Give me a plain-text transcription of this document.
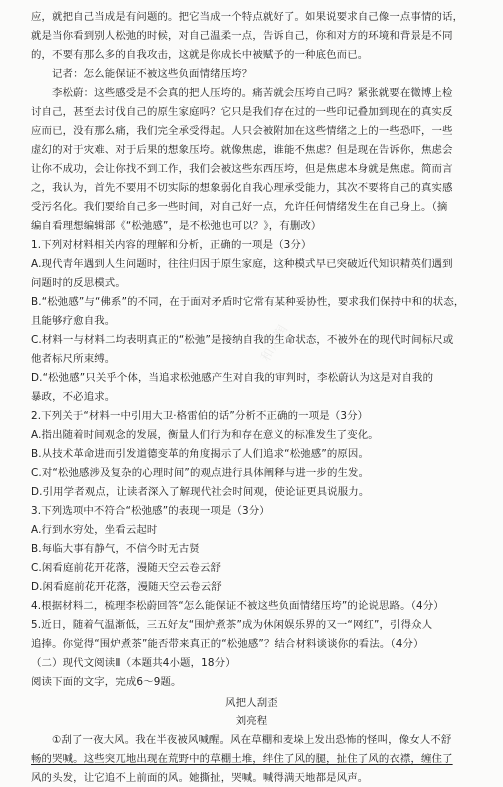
和风润
应，就把自己当成是有问题的。把它当成一个特点就好了。如果说要求自己像一点事情的话，
就是当你看到别人松弛的时候，对自己温柔一点，告诉自己，你和对方的环境和背景是不同
的，不要有那么多的自我攻击，这就是你成长中被赋予的一种底色而已。
记者：怎么能保证不被这些负面情绪压垮？
李松蔚：这些感受是不会真的把人压垮的。痛苦就会压垮自己吗？紧张就要在微博上检
讨自己，甚至去讨伐自己的原生家庭吗？它只是我们存在过的一些印记叠加到现在的真实反
应而已，没有那么痛，我们完全承受得起。人只会被附加在这些情绪之上的一些恐吓，一些
虚幻的对于灾难、对于后果的想象压垮。就像焦虑，谁能不焦虑？但是现在告诉你，焦虑会
让你不成功，会让你找不到工作，我们会被这些东西压垮，但是焦虑本身就是焦虑。简而言
之，我认为，首先不要用不切实际的想象弱化自我心理承受能力，其次不要将自己的真实感
受污名化。我们要给自己多一些时间，对自己好一点，允许任何情绪发生在自己身上。（摘
编自看理想编辑部《“松弛感”，是不松弛也可以？》，有删改）
1.下列对材料相关内容的理解和分析，正确的一项是（3分）
A.现代青年遇到人生问题时，往往归因于原生家庭，这种模式早已突破近代知识精英们遇到
问题时的反思模式。
B.“松弛感”与“佛系”的不同，在于面对矛盾时它常有某种妥协性，要求我们保持中和的状态，
且能够疗愈自我。
C.材料一与材料二均表明真正的“松弛”是接纳自我的生命状态，不被外在的现代时间标尺或
他者标尺所束缚。
D.“松弛感”只关乎个体，当追求松弛感产生对自我的审判时，李松蔚认为这是对自我的
暴政，不必追求。
2.下列关于“材料一中引用大卫·格雷伯的话”分析不正确的一项是（3分）
A.指出随着时间观念的发展，衡量人们行为和存在意义的标准发生了变化。
B.从技术革命进而引发道德变革的角度揭示了人们追求“松弛感”的原因。
C.对“松弛感涉及复杂的心理时间”的观点进行具体阐释与进一步的生发。
D.引用学者观点，让读者深入了解现代社会时间观，使论证更具说服力。
3.下列选项中不符合“松弛感”的表现一项是（3分）
A.行到水穷处，坐看云起时
B.每临大事有静气，不信今时无古贤
C.闲看庭前花开花落，漫随天空云卷云舒
D.闲看庭前花开花落，漫随天空云卷云舒
4.根据材料二，梳理李松蔚回答“怎么能保证不被这些负面情绪压垮”的论说思路。（4分）
5.近日，随着气温渐低，三五好友“围炉煮茶”成为休闲娱乐界的又一“网红”，引得众人
追捧。你觉得“围炉煮茶”能否带来真正的“松弛感”？结合材料谈谈你的看法。（4分）
（二）现代文阅读Ⅱ（本题共4小题，18分）
阅读下面的文字，完成6～9题。
风把人刮歪
刘亮程
①刮了一夜大风。我在半夜被风喊醒。风在草棚和麦垛上发出恐怖的怪叫，像女人不舒
畅的哭喊。这些突兀地出现在荒野中的草棚土堆，绊住了风的腿，扯住了风的衣襟，缠住了
风的头发，让它追不上前面的风。她撕扯，哭喊。喊得满天地都是风声。
